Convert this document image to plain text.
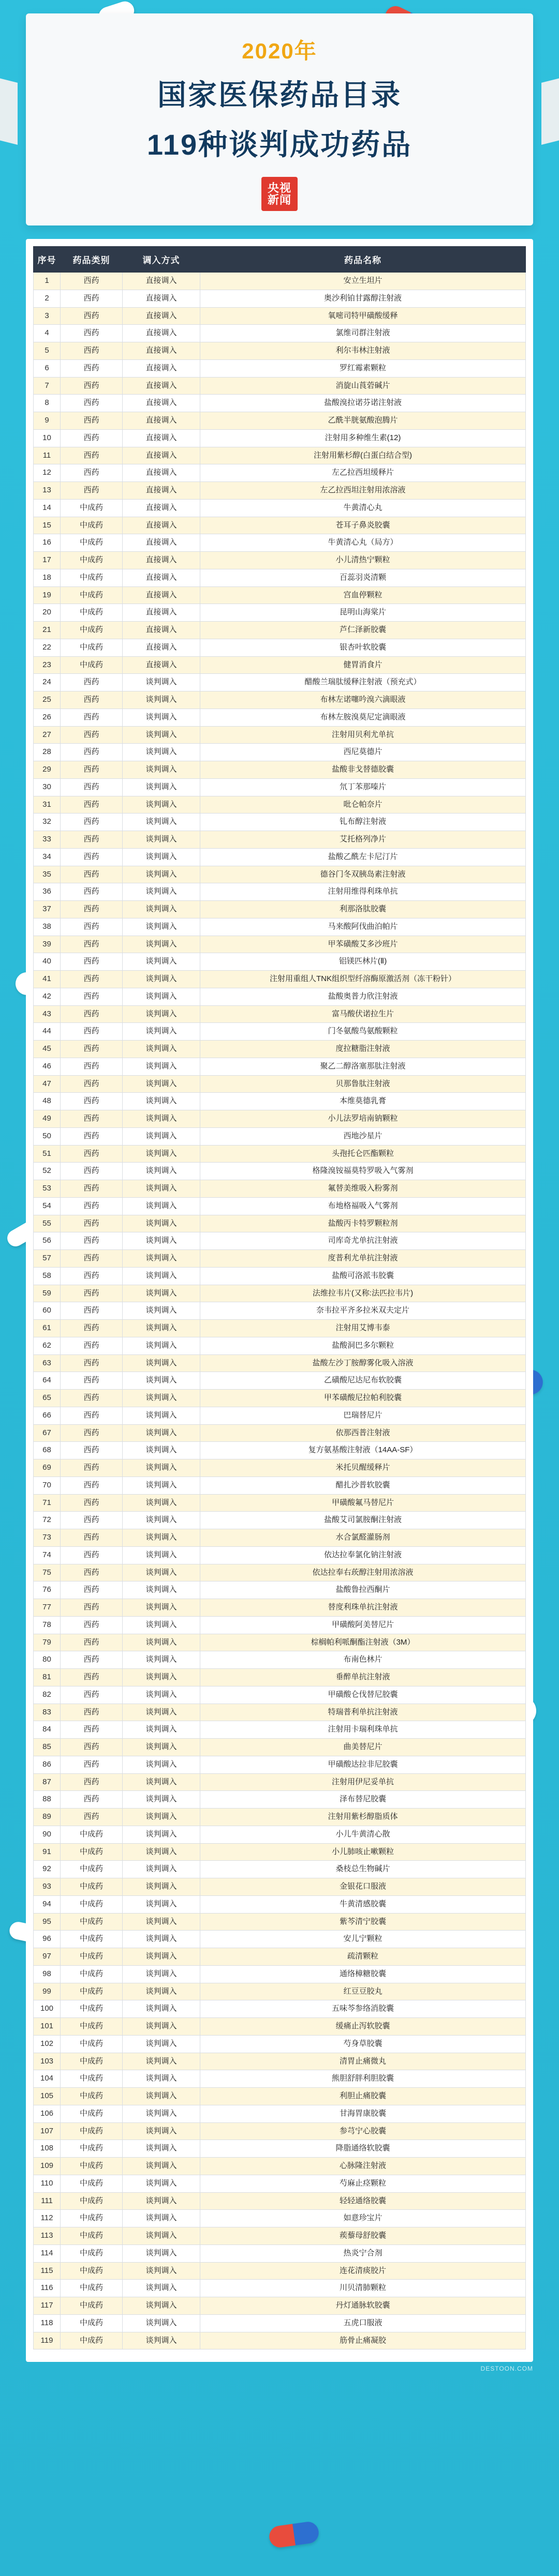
2020年
国家医保药品目录
119种谈判成功药品
央视
新闻
序号	药品类别	调入方式	药品名称
1	西药	直接调入	安立生坦片
2	西药	直接调入	奥沙利铂甘露醇注射液
3	西药	直接调入	氧嘧司特甲磺酸缓释
4	西药	直接调入	氯维司群注射液
5	西药	直接调入	利尔韦林注射液
6	西药	直接调入	罗红霉素颗粒
7	西药	直接调入	消旋山莨菪碱片
8	西药	直接调入	盐酸溴拉诺芬诺注射液
9	西药	直接调入	乙酰半胱氨酸泡腾片
10	西药	直接调入	注射用多种维生素(12)
11	西药	直接调入	注射用紫杉醇(白蛋白结合型)
12	西药	直接调入	左乙拉西坦缓释片
13	西药	直接调入	左乙拉西坦注射用浓溶液
14	中成药	直接调入	牛黄清心丸
15	中成药	直接调入	苍耳子鼻炎胶囊
16	中成药	直接调入	牛黄清心丸（局方）
17	中成药	直接调入	小儿清热宁颗粒
18	中成药	直接调入	百蕊羽炎清颗
19	中成药	直接调入	宫血停颗粒
20	中成药	直接调入	昆明山海棠片
21	中成药	直接调入	芦仁泽新胶囊
22	中成药	直接调入	银杏叶软胶囊
23	中成药	直接调入	健胃消食片
24	西药	谈判调入	醋酸兰瑞肽缓释注射液（预充式）
25	西药	谈判调入	布林左诺噻吟溴六滴眼液
26	西药	谈判调入	布林左胺溴莫尼定滴眼液
27	西药	谈判调入	注射用贝利尤单抗
28	西药	谈判调入	西尼莫德片
29	西药	谈判调入	盐酸非戈替德胶囊
30	西药	谈判调入	氘丁苯那嗪片
31	西药	谈判调入	吡仑帕奈片
32	西药	谈判调入	钆布醇注射液
33	西药	谈判调入	艾托格列净片
34	西药	谈判调入	盐酸乙酰左卡尼汀片
35	西药	谈判调入	德谷门冬双胰岛素注射液
36	西药	谈判调入	注射用维得利珠单抗
37	西药	谈判调入	利那洛肽胶囊
38	西药	谈判调入	马来酸阿伐曲泊帕片
39	西药	谈判调入	甲苯磺酸艾多沙班片
40	西药	谈判调入	铝镁匹林片(Ⅱ)
41	西药	谈判调入	注射用重组人TNK组织型纤溶酶原激活剂（冻干粉针）
42	西药	谈判调入	盐酸奥普力欣注射液
43	西药	谈判调入	富马酸伏诺拉生片
44	西药	谈判调入	门冬氨酸鸟氨酸颗粒
45	西药	谈判调入	度拉糖脂注射液
46	西药	谈判调入	聚乙二醇洛塞那肽注射液
47	西药	谈判调入	贝那鲁肽注射液
48	西药	谈判调入	本维莫德乳膏
49	西药	谈判调入	小儿法罗培南钠颗粒
50	西药	谈判调入	西地沙星片
51	西药	谈判调入	头孢托仑匹酯颗粒
52	西药	谈判调入	格隆溴铵福莫特罗吸入气雾剂
53	西药	谈判调入	氟替美维吸入粉雾剂
54	西药	谈判调入	布地格福吸入气雾剂
55	西药	谈判调入	盐酸丙卡特罗颗粒剂
56	西药	谈判调入	司库奇尤单抗注射液
57	西药	谈判调入	度普利尤单抗注射液
58	西药	谈判调入	盐酸可洛派韦胶囊
59	西药	谈判调入	法维拉韦片(又称:法匹拉韦片)
60	西药	谈判调入	奈韦拉平齐多拉米双夫定片
61	西药	谈判调入	注射用艾博韦泰
62	西药	谈判调入	盐酸洞巴多尔颗粒
63	西药	谈判调入	盐酸左沙丁胺醇雾化吸入溶液
64	西药	谈判调入	乙磺酸尼达尼布软胶囊
65	西药	谈判调入	甲苯磺酸尼拉帕利胶囊
66	西药	谈判调入	巴瑞替尼片
67	西药	谈判调入	依那西普注射液
68	西药	谈判调入	复方氨基酸注射液（14AA-SF）
69	西药	谈判调入	米托贝醒缓释片
70	西药	谈判调入	醋扎沙普软胶囊
71	西药	谈判调入	甲磺酸氟马替尼片
72	西药	谈判调入	盐酸艾司氯胺酮注射液
73	西药	谈判调入	水合氯醛灌肠剂
74	西药	谈判调入	依达拉奉氯化钠注射液
75	西药	谈判调入	依达拉奉右莰醇注射用浓溶液
76	西药	谈判调入	盐酸鲁拉西酮片
77	西药	谈判调入	替度利珠单抗注射液
78	西药	谈判调入	甲磺酸阿美替尼片
79	西药	谈判调入	棕榈帕利哌酮酯注射液（3M）
80	西药	谈判调入	布南色林片
81	西药	谈判调入	垂醉单抗注射液
82	西药	谈判调入	甲磺酸仑伐替尼胶囊
83	西药	谈判调入	特瑞普利单抗注射液
84	西药	谈判调入	注射用卡瑞利珠单抗
85	西药	谈判调入	曲美替尼片
86	西药	谈判调入	甲磺酸达拉非尼胶囊
87	西药	谈判调入	注射用伊尼妥单抗
88	西药	谈判调入	泽布替尼胶囊
89	西药	谈判调入	注射用紫杉醇脂质体
90	中成药	谈判调入	小儿牛黄清心散
91	中成药	谈判调入	小儿肺咳止嗽颗粒
92	中成药	谈判调入	桑枝总生物碱片
93	中成药	谈判调入	金银花口服液
94	中成药	谈判调入	牛黄清感胶囊
95	中成药	谈判调入	紫芩清宁胶囊
96	中成药	谈判调入	安儿宁颗粒
97	中成药	谈判调入	疏清颗粒
98	中成药	谈判调入	通络樟糖胶囊
99	中成药	谈判调入	红豆豆胶丸
100	中成药	谈判调入	五味芩参络消胶囊
101	中成药	谈判调入	缓痛止泻软胶囊
102	中成药	谈判调入	芍身草胶囊
103	中成药	谈判调入	清胃止痛微丸
104	中成药	谈判调入	熊胆舒胖利胆胶囊
105	中成药	谈判调入	利胆止痛胶囊
106	中成药	谈判调入	甘海胃康胶囊
107	中成药	谈判调入	参芎宁心胶囊
108	中成药	谈判调入	降脂通络软胶囊
109	中成药	谈判调入	心脉隆注射液
110	中成药	谈判调入	芍麻止痉颗粒
111	中成药	谈判调入	轻轻通络胶囊
112	中成药	谈判调入	如意珍宝片
113	中成药	谈判调入	蒺藜母舒胶囊
114	中成药	谈判调入	热炎宁合剂
115	中成药	谈判调入	连花清痰胶片
116	中成药	谈判调入	川贝清肺颗粒
117	中成药	谈判调入	丹灯通脉软胶囊
118	中成药	谈判调入	五虎口服液
119	中成药	谈判调入	筋骨止痛凝胶
DESTOON.COM
